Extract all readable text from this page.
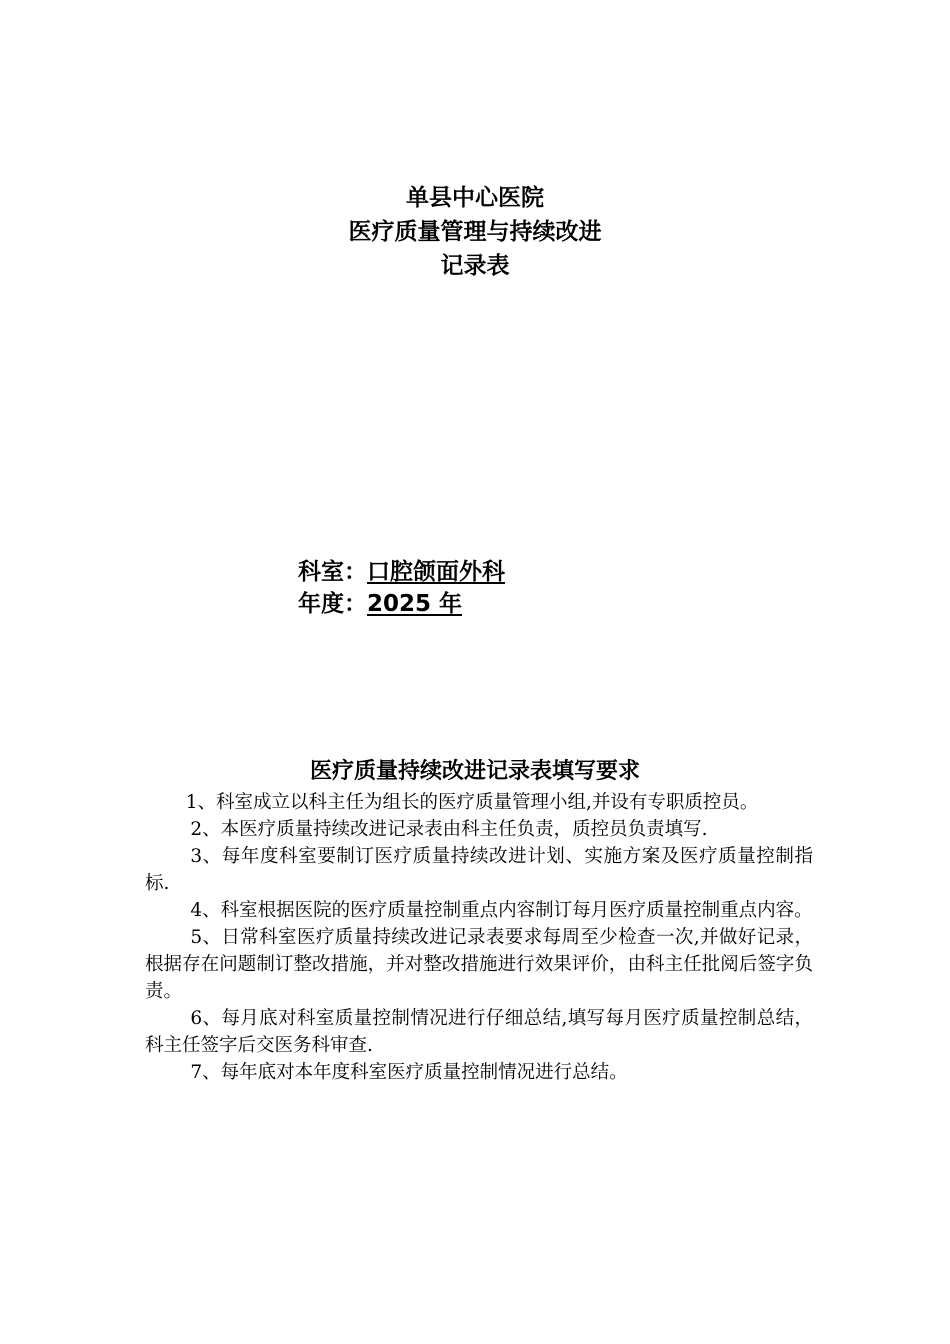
单县中心医院
医疗质量管理与持续改进
记录表
科室：口腔颌面外科
年度：2025 年
医疗质量持续改进记录表填写要求

1、科室成立以科主任为组长的医疗质量管理小组,并设有专职质控员。

2、本医疗质量持续改进记录表由科主任负责，质控员负责填写.

3、每年度科室要制订医疗质量持续改进计划、实施方案及医疗质量控制指标.

4、科室根据医院的医疗质量控制重点内容制订每月医疗质量控制重点内容。

5、日常科室医疗质量持续改进记录表要求每周至少检查一次,并做好记录，根据存在问题制订整改措施，并对整改措施进行效果评价，由科主任批阅后签字负责。

6、每月底对科室质量控制情况进行仔细总结,填写每月医疗质量控制总结，科主任签字后交医务科审查.

7、每年底对本年度科室医疗质量控制情况进行总结。
